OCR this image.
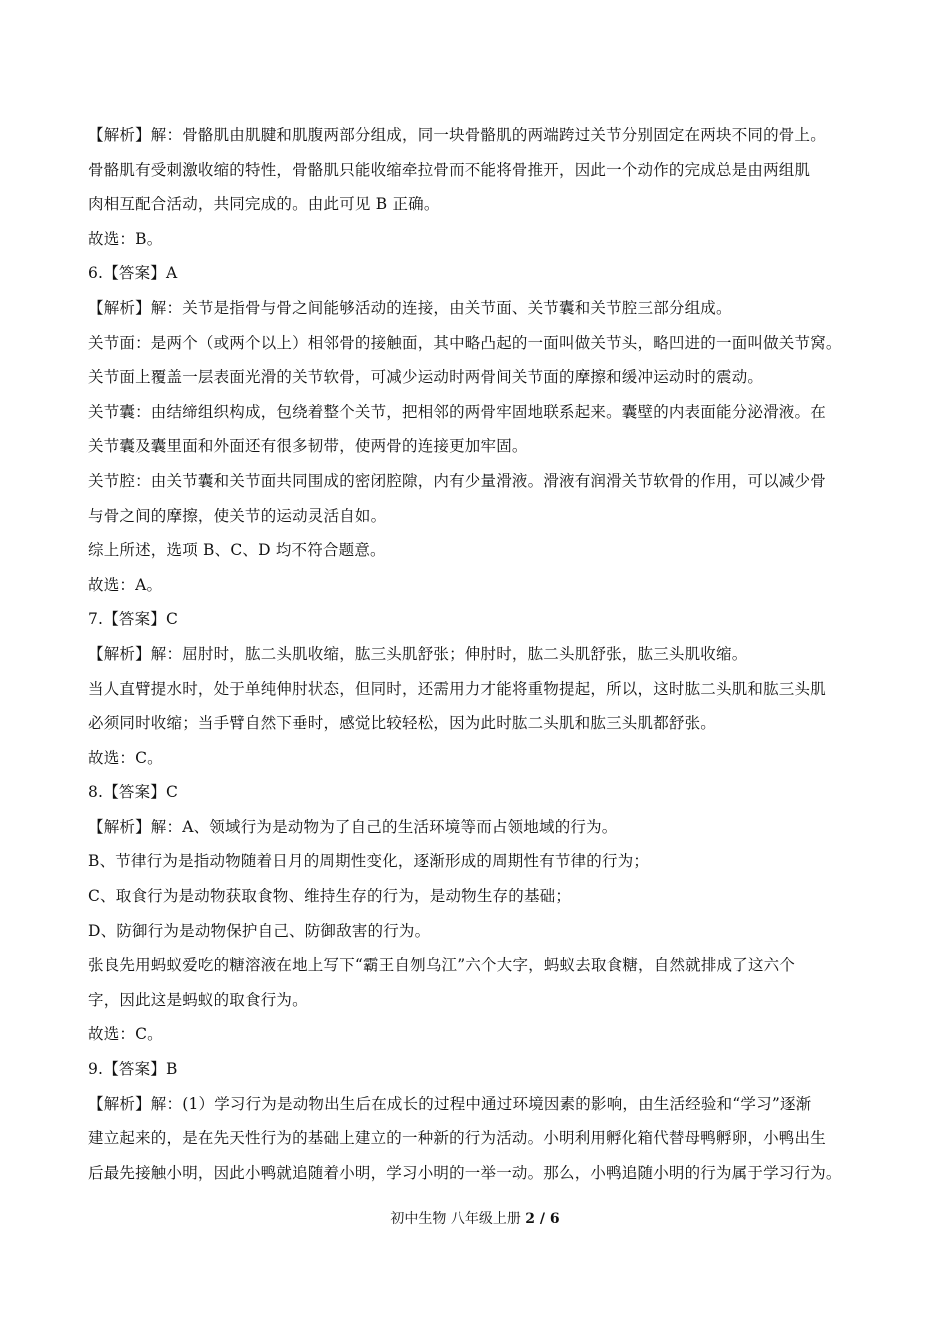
【解析】解：骨骼肌由肌腱和肌腹两部分组成，同一块骨骼肌的两端跨过关节分别固定在两块不同的骨上。
骨骼肌有受刺激收缩的特性，骨骼肌只能收缩牵拉骨而不能将骨推开，因此一个动作的完成总是由两组肌
肉相互配合活动，共同完成的。由此可见 B 正确。
故选：B。
6.【答案】A
【解析】解：关节是指骨与骨之间能够活动的连接，由关节面、关节囊和关节腔三部分组成。
关节面：是两个（或两个以上）相邻骨的接触面，其中略凸起的一面叫做关节头，略凹进的一面叫做关节窝。
关节面上覆盖一层表面光滑的关节软骨，可减少运动时两骨间关节面的摩擦和缓冲运动时的震动。
关节囊：由结缔组织构成，包绕着整个关节，把相邻的两骨牢固地联系起来。囊壁的内表面能分泌滑液。在
关节囊及囊里面和外面还有很多韧带，使两骨的连接更加牢固。
关节腔：由关节囊和关节面共同围成的密闭腔隙，内有少量滑液。滑液有润滑关节软骨的作用，可以减少骨
与骨之间的摩擦，使关节的运动灵活自如。
综上所述，选项 B、C、D 均不符合题意。
故选：A。
7.【答案】C
【解析】解：屈肘时，肱二头肌收缩，肱三头肌舒张；伸肘时，肱二头肌舒张，肱三头肌收缩。
当人直臂提水时，处于单纯伸肘状态，但同时，还需用力才能将重物提起，所以，这时肱二头肌和肱三头肌
必须同时收缩；当手臂自然下垂时，感觉比较轻松，因为此时肱二头肌和肱三头肌都舒张。
故选：C。
8.【答案】C
【解析】解：A、领域行为是动物为了自己的生活环境等而占领地域的行为。
B、节律行为是指动物随着日月的周期性变化，逐渐形成的周期性有节律的行为；
C、取食行为是动物获取食物、维持生存的行为，是动物生存的基础；
D、防御行为是动物保护自己、防御敌害的行为。
张良先用蚂蚁爱吃的糖溶液在地上写下“霸王自刎乌江”六个大字，蚂蚁去取食糖，自然就排成了这六个
字，因此这是蚂蚁的取食行为。
故选：C。
9.【答案】B
【解析】解：(1）学习行为是动物出生后在成长的过程中通过环境因素的影响，由生活经验和“学习”逐渐
建立起来的，是在先天性行为的基础上建立的一种新的行为活动。小明利用孵化箱代替母鸭孵卵，小鸭出生
后最先接触小明，因此小鸭就追随着小明，学习小明的一举一动。那么，小鸭追随小明的行为属于学习行为。
初中生物 八年级上册 2 / 6
